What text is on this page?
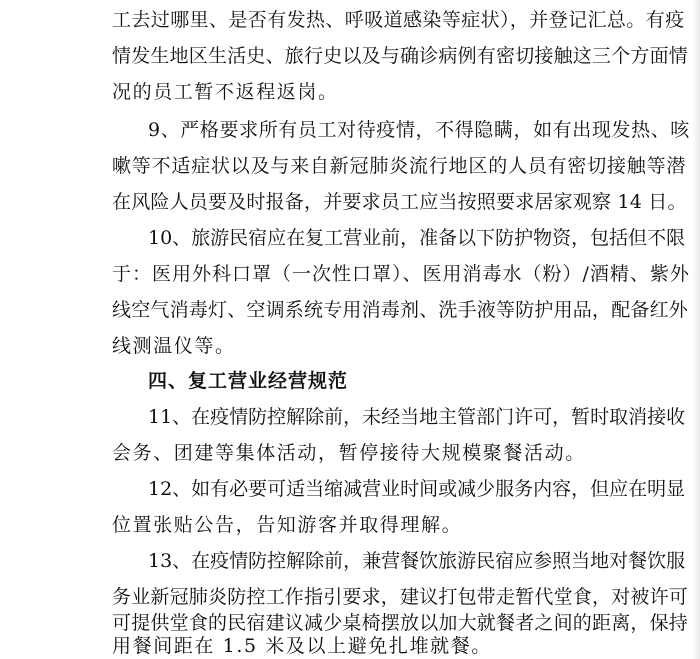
工去过哪里、是否有发热、呼吸道感染等症状），并登记汇总。有疫
情发生地区生活史、旅行史以及与确诊病例有密切接触这三个方面情
况的员工暂不返程返岗。
9、严格要求所有员工对待疫情，不得隐瞒，如有出现发热、咳
嗽等不适症状以及与来自新冠肺炎流行地区的人员有密切接触等潜
在风险人员要及时报备，并要求员工应当按照要求居家观察 14 日。
10、旅游民宿应在复工营业前，准备以下防护物资，包括但不限
于：医用外科口罩（一次性口罩）、医用消毒水（粉）/酒精、紫外
线空气消毒灯、空调系统专用消毒剂、洗手液等防护用品，配备红外
线测温仪等。
四、复工营业经营规范
11、在疫情防控解除前，未经当地主管部门许可，暂时取消接收
会务、团建等集体活动，暂停接待大规模聚餐活动。
12、如有必要可适当缩减营业时间或减少服务内容，但应在明显
位置张贴公告，告知游客并取得理解。
13、在疫情防控解除前，兼营餐饮旅游民宿应参照当地对餐饮服
务业新冠肺炎防控工作指引要求，建议打包带走暂代堂食，对被许可
可提供堂食的民宿建议减少桌椅摆放以加大就餐者之间的距离，保持
用餐间距在 1.5 米及以上避免扎堆就餐。
